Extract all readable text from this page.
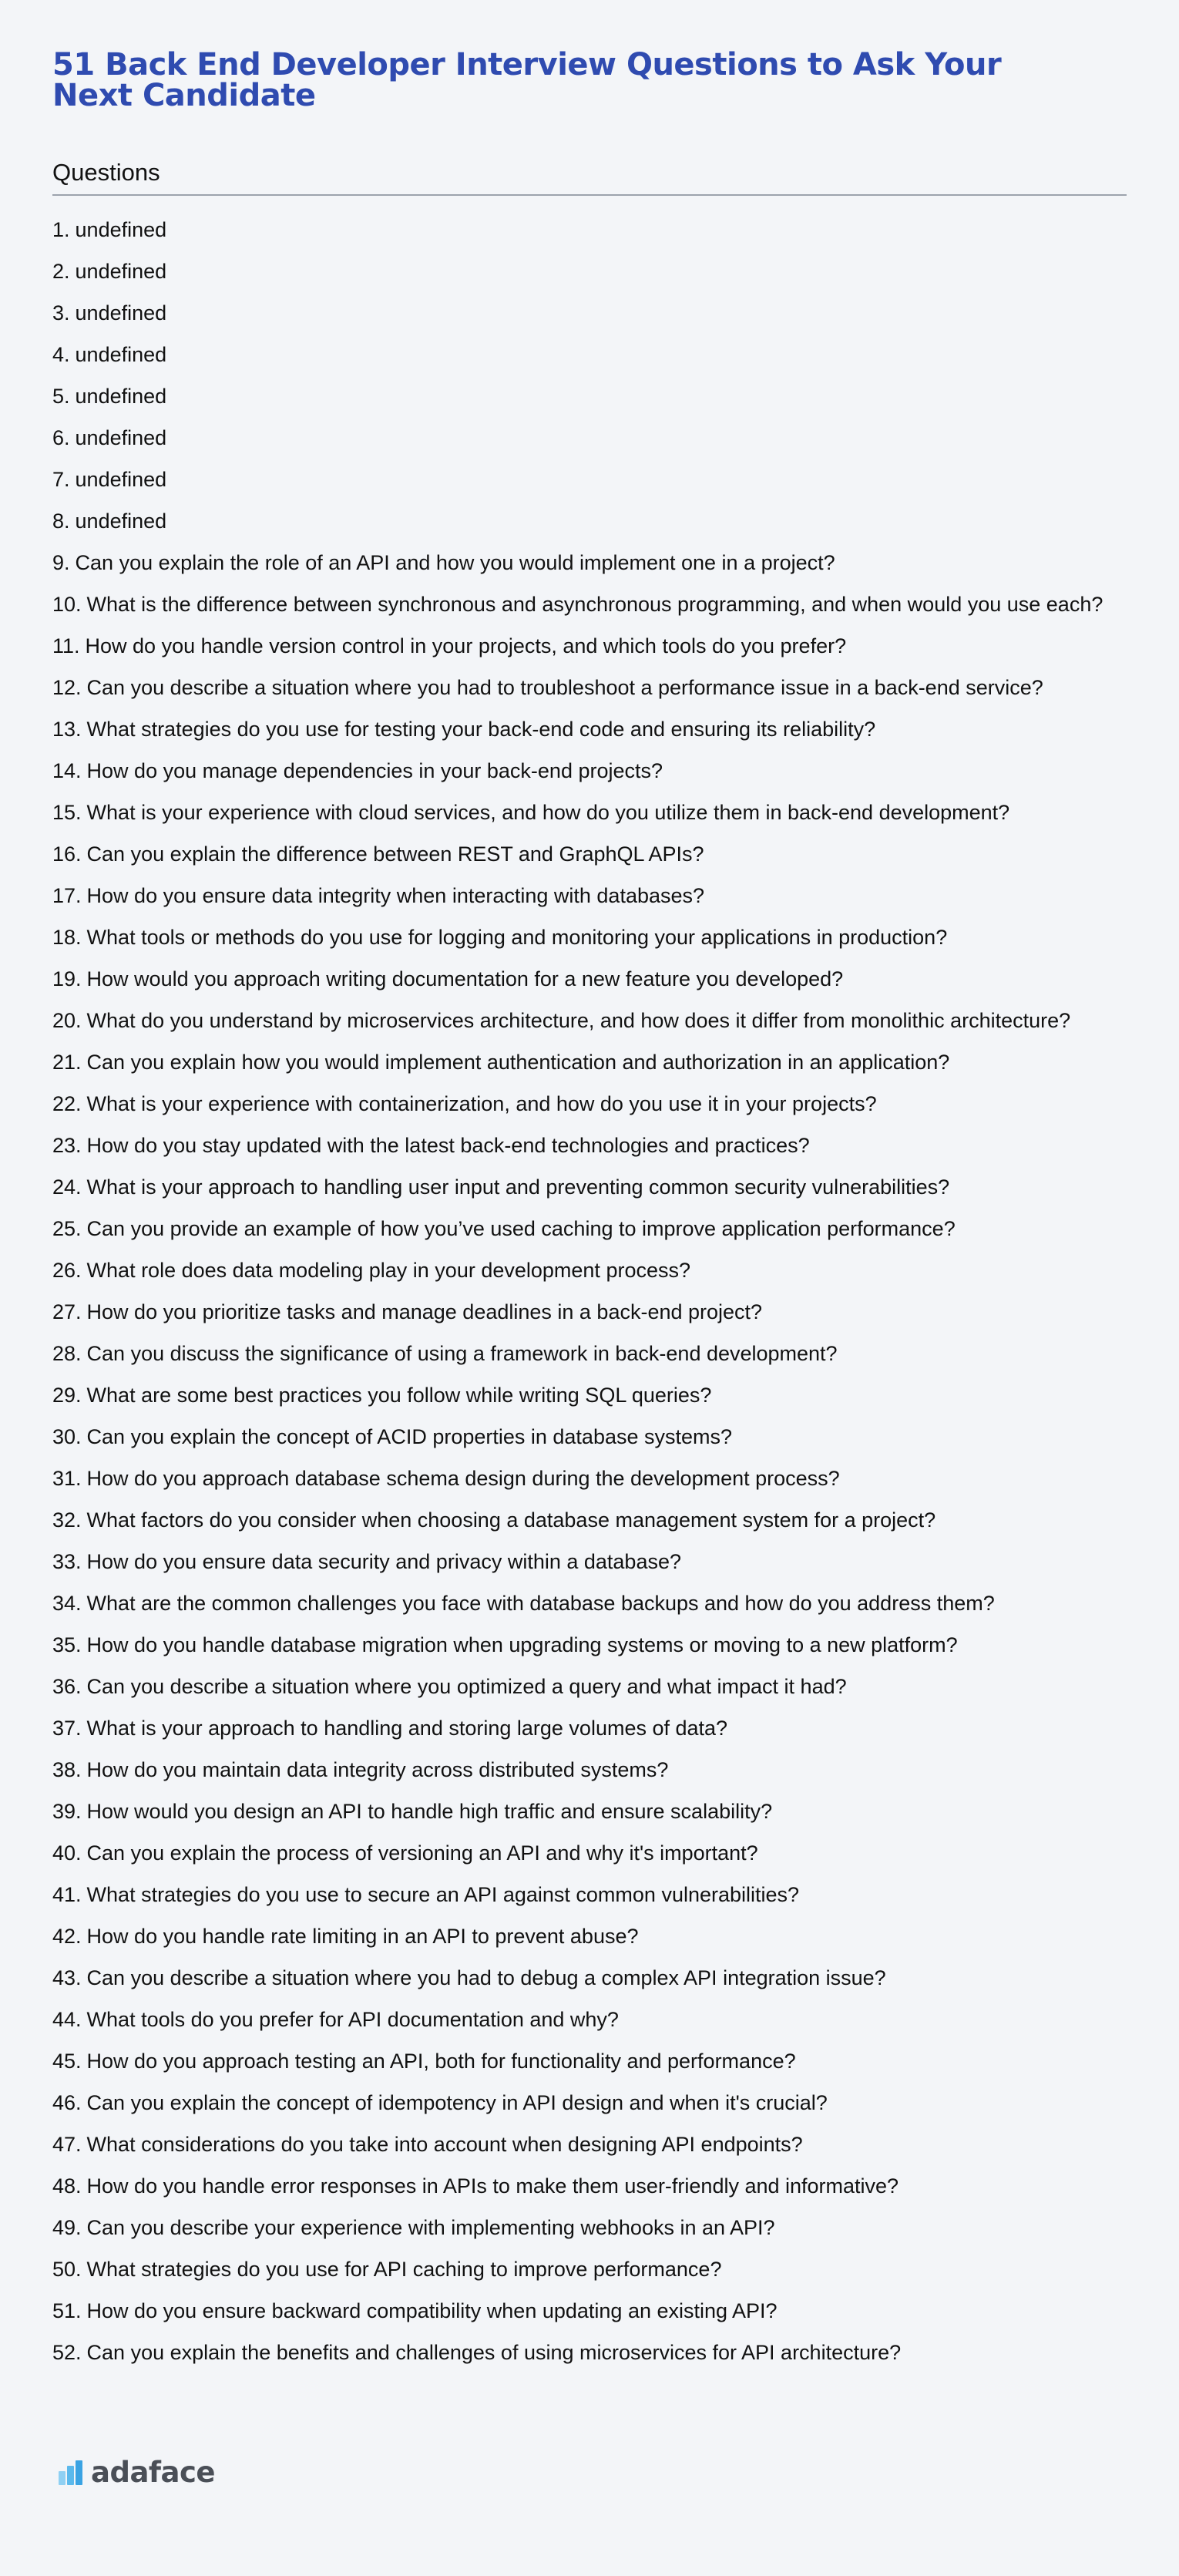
51 Back End Developer Interview Questions to Ask Your Next Candidate
Questions
1. undefined
2. undefined
3. undefined
4. undefined
5. undefined
6. undefined
7. undefined
8. undefined
9. Can you explain the role of an API and how you would implement one in a project?
10. What is the difference between synchronous and asynchronous programming, and when would you use each?
11. How do you handle version control in your projects, and which tools do you prefer?
12. Can you describe a situation where you had to troubleshoot a performance issue in a back-end service?
13. What strategies do you use for testing your back-end code and ensuring its reliability?
14. How do you manage dependencies in your back-end projects?
15. What is your experience with cloud services, and how do you utilize them in back-end development?
16. Can you explain the difference between REST and GraphQL APIs?
17. How do you ensure data integrity when interacting with databases?
18. What tools or methods do you use for logging and monitoring your applications in production?
19. How would you approach writing documentation for a new feature you developed?
20. What do you understand by microservices architecture, and how does it differ from monolithic architecture?
21. Can you explain how you would implement authentication and authorization in an application?
22. What is your experience with containerization, and how do you use it in your projects?
23. How do you stay updated with the latest back-end technologies and practices?
24. What is your approach to handling user input and preventing common security vulnerabilities?
25. Can you provide an example of how you’ve used caching to improve application performance?
26. What role does data modeling play in your development process?
27. How do you prioritize tasks and manage deadlines in a back-end project?
28. Can you discuss the significance of using a framework in back-end development?
29. What are some best practices you follow while writing SQL queries?
30. Can you explain the concept of ACID properties in database systems?
31. How do you approach database schema design during the development process?
32. What factors do you consider when choosing a database management system for a project?
33. How do you ensure data security and privacy within a database?
34. What are the common challenges you face with database backups and how do you address them?
35. How do you handle database migration when upgrading systems or moving to a new platform?
36. Can you describe a situation where you optimized a query and what impact it had?
37. What is your approach to handling and storing large volumes of data?
38. How do you maintain data integrity across distributed systems?
39. How would you design an API to handle high traffic and ensure scalability?
40. Can you explain the process of versioning an API and why it's important?
41. What strategies do you use to secure an API against common vulnerabilities?
42. How do you handle rate limiting in an API to prevent abuse?
43. Can you describe a situation where you had to debug a complex API integration issue?
44. What tools do you prefer for API documentation and why?
45. How do you approach testing an API, both for functionality and performance?
46. Can you explain the concept of idempotency in API design and when it's crucial?
47. What considerations do you take into account when designing API endpoints?
48. How do you handle error responses in APIs to make them user-friendly and informative?
49. Can you describe your experience with implementing webhooks in an API?
50. What strategies do you use for API caching to improve performance?
51. How do you ensure backward compatibility when updating an existing API?
52. Can you explain the benefits and challenges of using microservices for API architecture?
adaface
